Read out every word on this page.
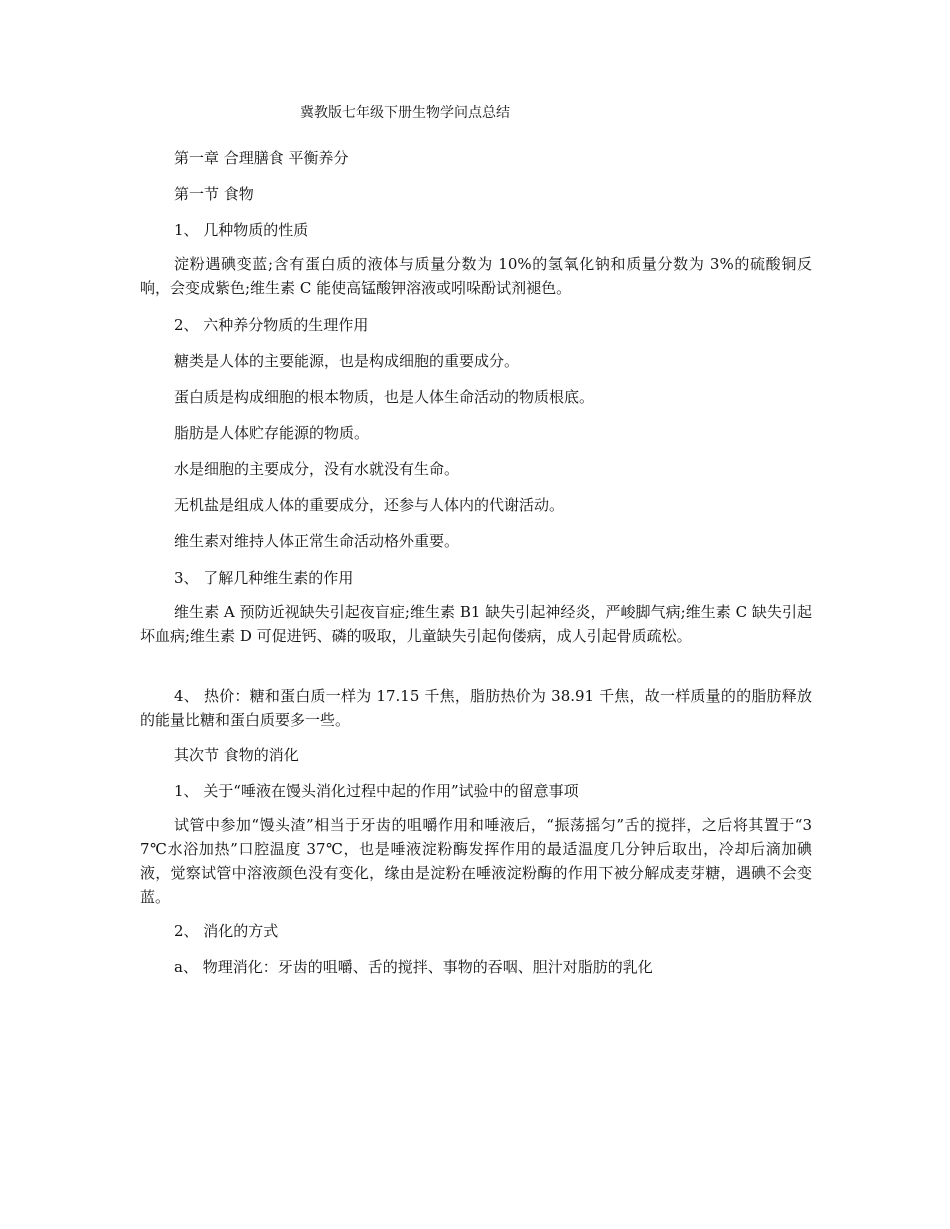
冀教版七年级下册生物学问点总结
第一章 合理膳食 平衡养分
第一节 食物
1、 几种物质的性质
淀粉遇碘变蓝;含有蛋白质的液体与质量分数为 10%的氢氧化钠和质量分数为 3%的硫酸铜反响，会变成紫色;维生素 C 能使高锰酸钾溶液或吲哚酚试剂褪色。
2、 六种养分物质的生理作用
糖类是人体的主要能源，也是构成细胞的重要成分。
蛋白质是构成细胞的根本物质，也是人体生命活动的物质根底。
脂肪是人体贮存能源的物质。
水是细胞的主要成分，没有水就没有生命。
无机盐是组成人体的重要成分，还参与人体内的代谢活动。
维生素对维持人体正常生命活动格外重要。
3、 了解几种维生素的作用
维生素 A 预防近视缺失引起夜盲症;维生素 B1 缺失引起神经炎，严峻脚气病;维生素 C 缺失引起坏血病;维生素 D 可促进钙、磷的吸取，儿童缺失引起佝偻病，成人引起骨质疏松。
4、 热价：糖和蛋白质一样为 17.15 千焦，脂肪热价为 38.91 千焦，故一样质量的的脂肪释放的能量比糖和蛋白质要多一些。
其次节 食物的消化
1、 关于“唾液在馒头消化过程中起的作用”试验中的留意事项
试管中参加“馒头渣”相当于牙齿的咀嚼作用和唾液后，“振荡摇匀”舌的搅拌，之后将其置于“37℃水浴加热”口腔温度 37℃，也是唾液淀粉酶发挥作用的最适温度几分钟后取出，冷却后滴加碘液，觉察试管中溶液颜色没有变化，缘由是淀粉在唾液淀粉酶的作用下被分解成麦芽糖，遇碘不会变蓝。
2、 消化的方式
a、 物理消化：牙齿的咀嚼、舌的搅拌、事物的吞咽、胆汁对脂肪的乳化
